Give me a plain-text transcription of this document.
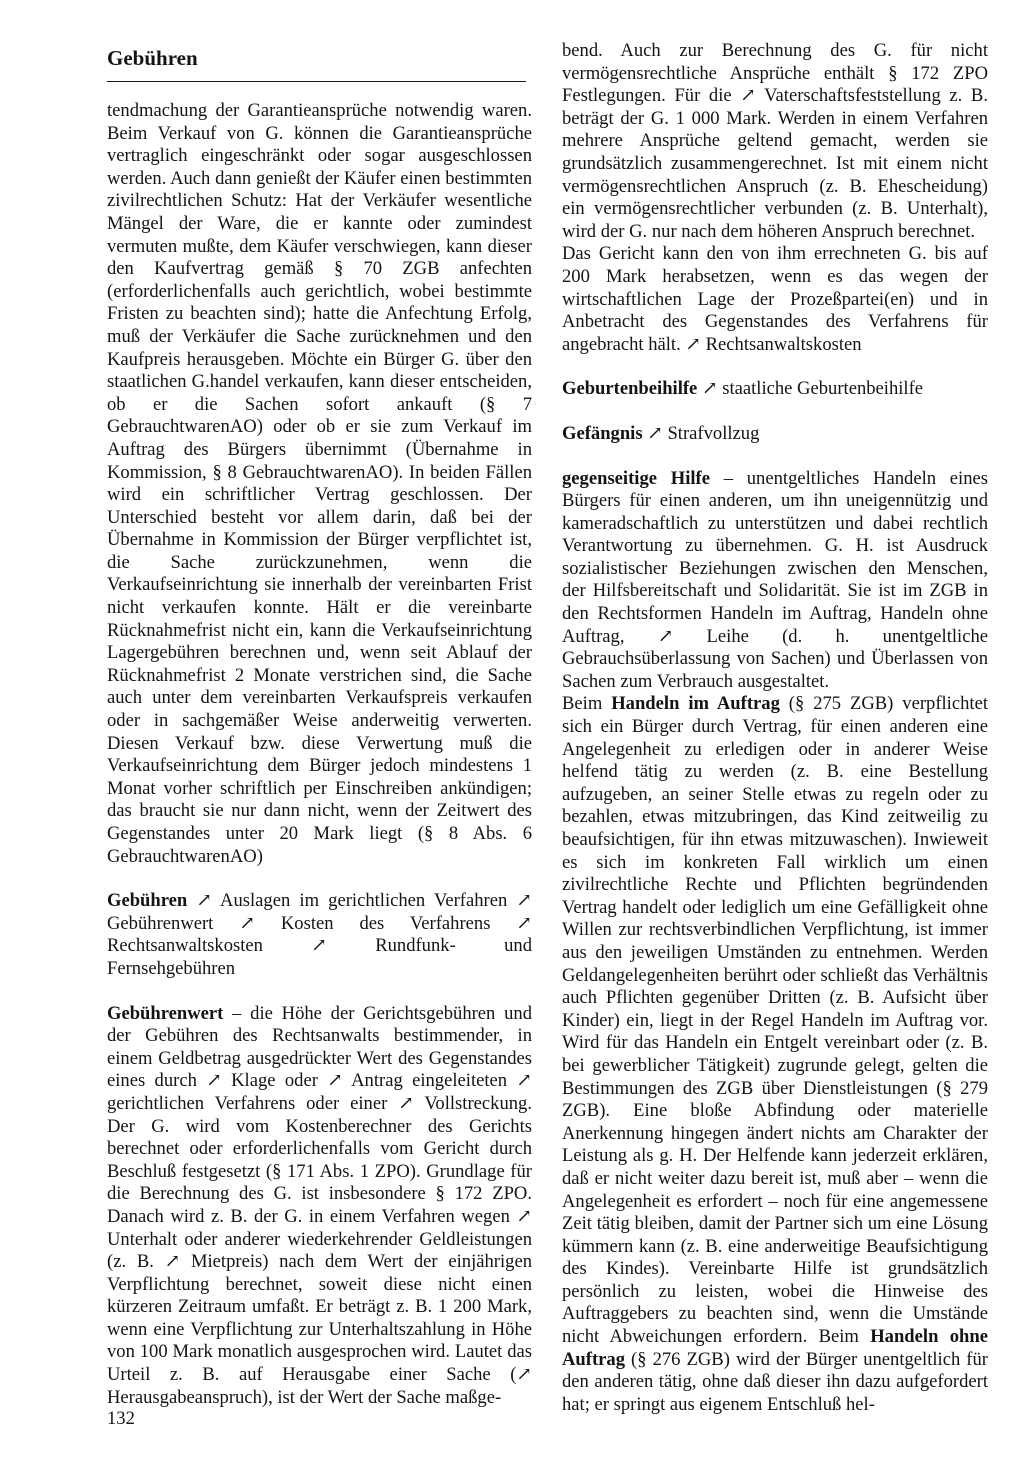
Gebühren

tendmachung der Garantieansprüche notwendig waren. Beim Verkauf von G. können die Garantieansprüche vertraglich eingeschränkt oder sogar ausgeschlossen werden. Auch dann genießt der Käufer einen bestimmten zivilrechtlichen Schutz: Hat der Verkäufer wesentliche Mängel der Ware, die er kannte oder zumindest vermuten mußte, dem Käufer verschwiegen, kann dieser den Kaufvertrag gemäß § 70 ZGB anfechten (erforderlichenfalls auch gerichtlich, wobei bestimmte Fristen zu beachten sind); hatte die Anfechtung Erfolg, muß der Verkäufer die Sache zurücknehmen und den Kaufpreis herausgeben. Möchte ein Bürger G. über den staatlichen G.handel verkaufen, kann dieser entscheiden, ob er die Sachen sofort ankauft (§ 7 GebrauchtwarenAO) oder ob er sie zum Verkauf im Auftrag des Bürgers übernimmt (Übernahme in Kommission, § 8 GebrauchtwarenAO). In beiden Fällen wird ein schriftlicher Vertrag geschlossen. Der Unterschied besteht vor allem darin, daß bei der Übernahme in Kommission der Bürger verpflichtet ist, die Sache zurückzunehmen, wenn die Verkaufseinrichtung sie innerhalb der vereinbarten Frist nicht verkaufen konnte. Hält er die vereinbarte Rücknahmefrist nicht ein, kann die Verkaufseinrichtung Lagergebühren berechnen und, wenn seit Ablauf der Rücknahmefrist 2 Monate verstrichen sind, die Sache auch unter dem vereinbarten Verkaufspreis verkaufen oder in sachgemäßer Weise anderweitig verwerten. Diesen Verkauf bzw. diese Verwertung muß die Verkaufseinrichtung dem Bürger jedoch mindestens 1 Monat vorher schriftlich per Einschreiben ankündigen; das braucht sie nur dann nicht, wenn der Zeitwert des Gegenstandes unter 20 Mark liegt (§ 8 Abs. 6 GebrauchtwarenAO)

Gebühren ↗ Auslagen im gerichtlichen Verfahren ↗ Gebührenwert ↗ Kosten des Verfahrens ↗ Rechtsanwaltskosten ↗ Rundfunk- und Fernsehgebühren

Gebührenwert – die Höhe der Gerichtsgebühren und der Gebühren des Rechtsanwalts bestimmender, in einem Geldbetrag ausgedrückter Wert des Gegenstandes eines durch ↗ Klage oder ↗ Antrag eingeleiteten ↗ gerichtlichen Verfahrens oder einer ↗ Vollstreckung. Der G. wird vom Kostenberechner des Gerichts berechnet oder erforderlichenfalls vom Gericht durch Beschluß festgesetzt (§ 171 Abs. 1 ZPO). Grundlage für die Berechnung des G. ist insbesondere § 172 ZPO. Danach wird z. B. der G. in einem Verfahren wegen ↗ Unterhalt oder anderer wiederkehrender Geldleistungen (z. B. ↗ Mietpreis) nach dem Wert der einjährigen Verpflichtung berechnet, soweit diese nicht einen kürzeren Zeitraum umfaßt. Er beträgt z. B. 1 200 Mark, wenn eine Verpflichtung zur Unterhaltszahlung in Höhe von 100 Mark monatlich ausgesprochen wird. Lautet das Urteil z. B. auf Herausgabe einer Sache (↗ Herausgabeanspruch), ist der Wert der Sache maßge-

bend. Auch zur Berechnung des G. für nicht vermögensrechtliche Ansprüche enthält § 172 ZPO Festlegungen. Für die ↗ Vaterschaftsfeststellung z. B. beträgt der G. 1 000 Mark. Werden in einem Verfahren mehrere Ansprüche geltend gemacht, werden sie grundsätzlich zusammengerechnet. Ist mit einem nicht vermögensrechtlichen Anspruch (z. B. Ehescheidung) ein vermögensrechtlicher verbunden (z. B. Unterhalt), wird der G. nur nach dem höheren Anspruch berechnet.

Das Gericht kann den von ihm errechneten G. bis auf 200 Mark herabsetzen, wenn es das wegen der wirtschaftlichen Lage der Prozeßpartei(en) und in Anbetracht des Gegenstandes des Verfahrens für angebracht hält. ↗ Rechtsanwaltskosten

Geburtenbeihilfe ↗ staatliche Geburtenbeihilfe

Gefängnis ↗ Strafvollzug

gegenseitige Hilfe – unentgeltliches Handeln eines Bürgers für einen anderen, um ihn uneigennützig und kameradschaftlich zu unterstützen und dabei rechtlich Verantwortung zu übernehmen. G. H. ist Ausdruck sozialistischer Beziehungen zwischen den Menschen, der Hilfsbereitschaft und Solidarität. Sie ist im ZGB in den Rechtsformen Handeln im Auftrag, Handeln ohne Auftrag, ↗ Leihe (d. h. unentgeltliche Gebrauchsüberlassung von Sachen) und Überlassen von Sachen zum Verbrauch ausgestaltet.

Beim Handeln im Auftrag (§ 275 ZGB) verpflichtet sich ein Bürger durch Vertrag, für einen anderen eine Angelegenheit zu erledigen oder in anderer Weise helfend tätig zu werden (z. B. eine Bestellung aufzugeben, an seiner Stelle etwas zu regeln oder zu bezahlen, etwas mitzubringen, das Kind zeitweilig zu beaufsichtigen, für ihn etwas mitzuwaschen). Inwieweit es sich im konkreten Fall wirklich um einen zivilrechtliche Rechte und Pflichten begründenden Vertrag handelt oder lediglich um eine Gefälligkeit ohne Willen zur rechtsverbindlichen Verpflichtung, ist immer aus den jeweiligen Umständen zu entnehmen. Werden Geldangelegenheiten berührt oder schließt das Verhältnis auch Pflichten gegenüber Dritten (z. B. Aufsicht über Kinder) ein, liegt in der Regel Handeln im Auftrag vor. Wird für das Handeln ein Entgelt vereinbart oder (z. B. bei gewerblicher Tätigkeit) zugrunde gelegt, gelten die Bestimmungen des ZGB über Dienstleistungen (§ 279 ZGB). Eine bloße Abfindung oder materielle Anerkennung hingegen ändert nichts am Charakter der Leistung als g. H. Der Helfende kann jederzeit erklären, daß er nicht weiter dazu bereit ist, muß aber – wenn die Angelegenheit es erfordert – noch für eine angemessene Zeit tätig bleiben, damit der Partner sich um eine Lösung kümmern kann (z. B. eine anderweitige Beaufsichtigung des Kindes). Vereinbarte Hilfe ist grundsätzlich persönlich zu leisten, wobei die Hinweise des Auftraggebers zu beachten sind, wenn die Umstände nicht Abweichungen erfordern. Beim Handeln ohne Auftrag (§ 276 ZGB) wird der Bürger unentgeltlich für den anderen tätig, ohne daß dieser ihn dazu aufgefordert hat; er springt aus eigenem Entschluß hel-

132
